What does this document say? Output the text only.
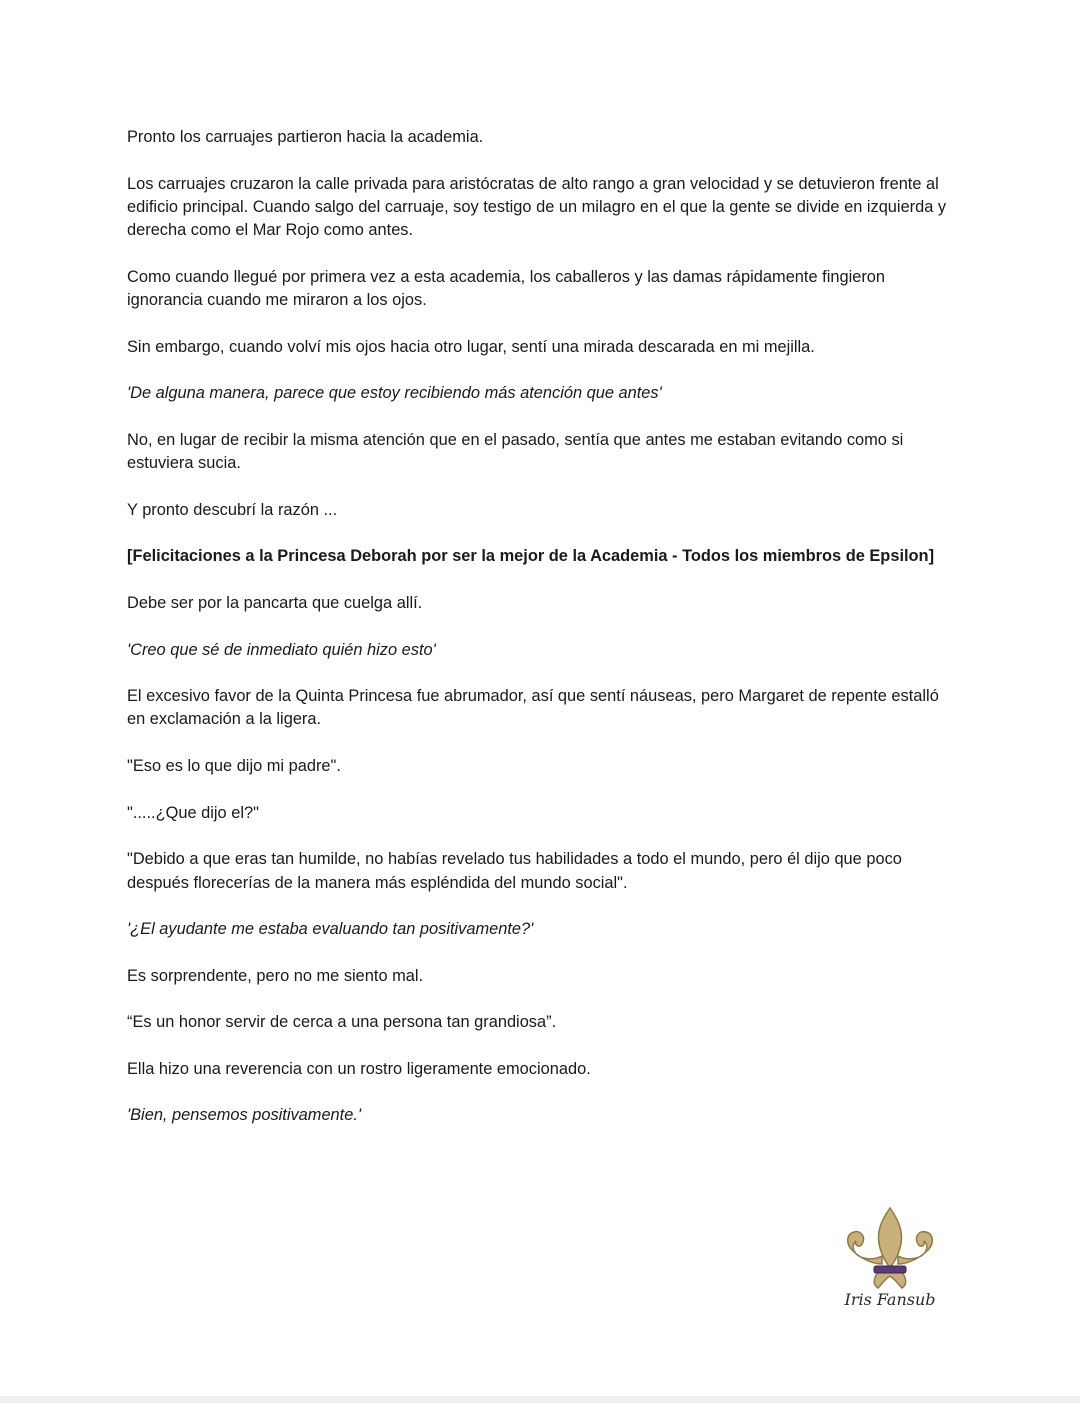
Pronto los carruajes partieron hacia la academia.

Los carruajes cruzaron la calle privada para aristócratas de alto rango a gran velocidad y se detuvieron frente al edificio principal. Cuando salgo del carruaje, soy testigo de un milagro en el que la gente se divide en izquierda y derecha como el Mar Rojo como antes.

Como cuando llegué por primera vez a esta academia, los caballeros y las damas rápidamente fingieron ignorancia cuando me miraron a los ojos.

Sin embargo, cuando volví mis ojos hacia otro lugar, sentí una mirada descarada en mi mejilla.

'De alguna manera, parece que estoy recibiendo más atención que antes'

No, en lugar de recibir la misma atención que en el pasado, sentía que antes me estaban evitando como si estuviera sucia.

Y pronto descubrí la razón ...

[Felicitaciones a la Princesa Deborah por ser la mejor de la Academia - Todos los miembros de Epsilon]

Debe ser por la pancarta que cuelga allí.

'Creo que sé de inmediato quién hizo esto'

El excesivo favor de la Quinta Princesa fue abrumador, así que sentí náuseas, pero Margaret de repente estalló en exclamación a la ligera.

"Eso es lo que dijo mi padre".

".....¿Que dijo el?"

"Debido a que eras tan humilde, no habías revelado tus habilidades a todo el mundo, pero él dijo que poco después florecerías de la manera más espléndida del mundo social".

'¿El ayudante me estaba evaluando tan positivamente?'

Es sorprendente, pero no me siento mal.

“Es un honor servir de cerca a una persona tan grandiosa”.

Ella hizo una reverencia con un rostro ligeramente emocionado.

'Bien, pensemos positivamente.'

Iris Fansub
